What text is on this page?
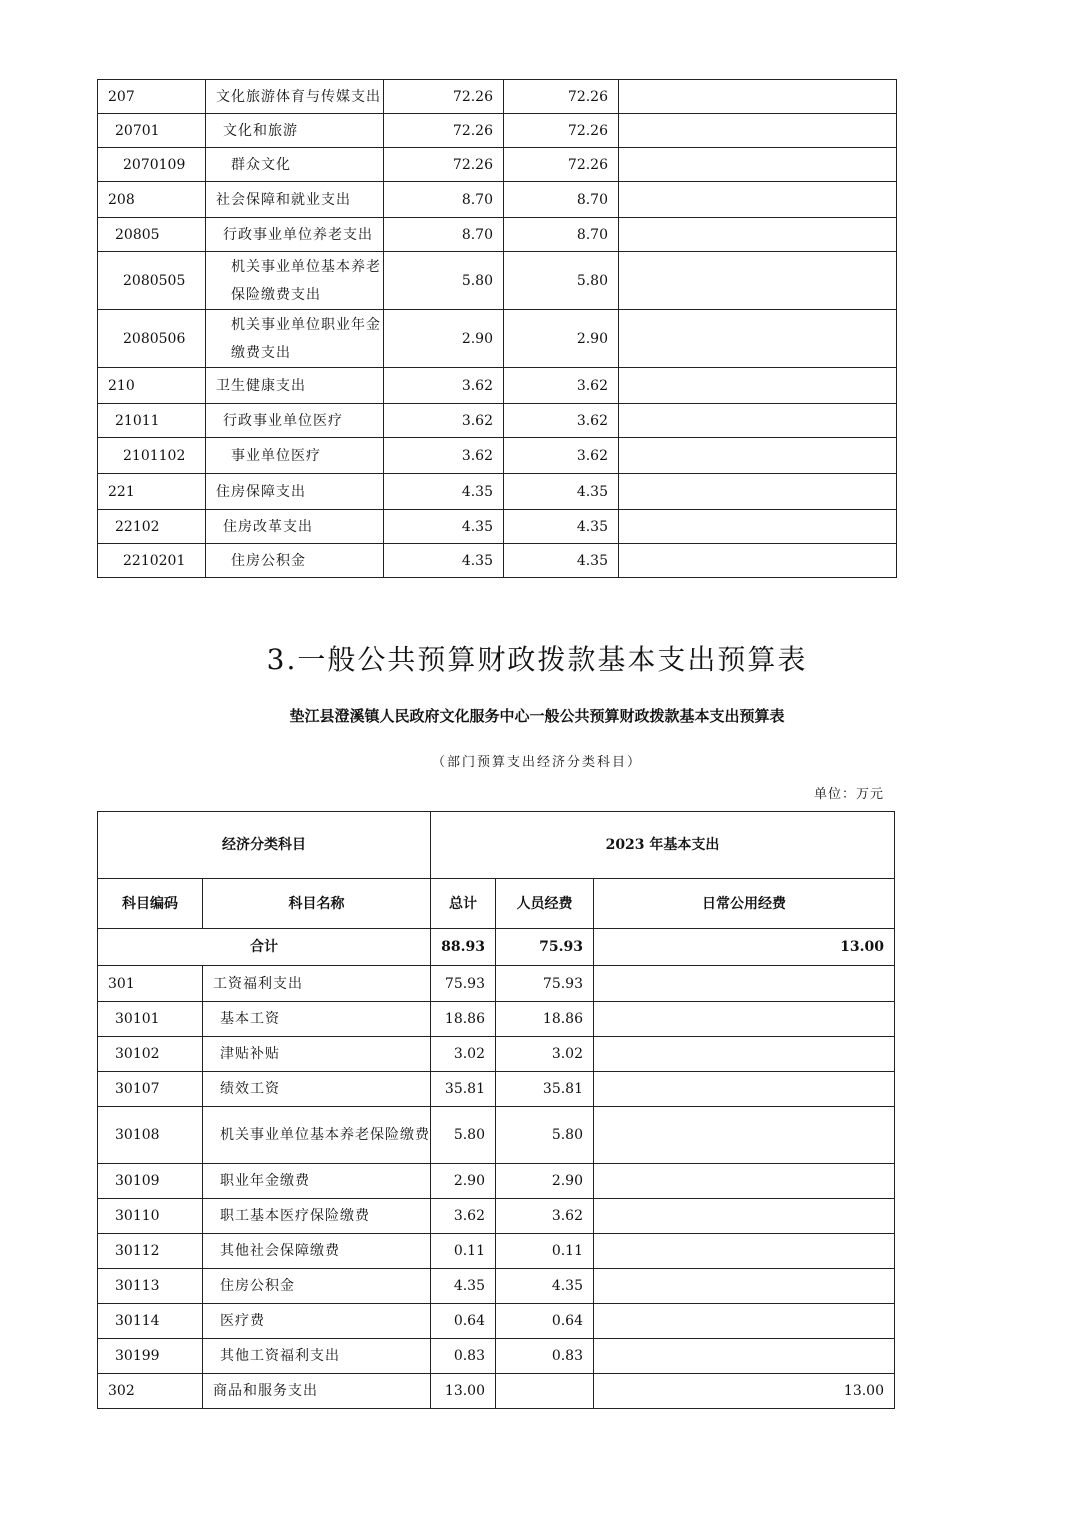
207	文化旅游体育与传媒支出	72.26	72.26	
20701	文化和旅游	72.26	72.26	
2070109	群众文化	72.26	72.26	
208	社会保障和就业支出	8.70	8.70	
20805	行政事业单位养老支出	8.70	8.70	
2080505	机关事业单位基本养老保险缴费支出	5.80	5.80	
2080506	机关事业单位职业年金缴费支出	2.90	2.90	
210	卫生健康支出	3.62	3.62	
21011	行政事业单位医疗	3.62	3.62	
2101102	事业单位医疗	3.62	3.62	
221	住房保障支出	4.35	4.35	
22102	住房改革支出	4.35	4.35	
2210201	住房公积金	4.35	4.35	
3.一般公共预算财政拨款基本支出预算表
垫江县澄溪镇人民政府文化服务中心一般公共预算财政拨款基本支出预算表
（部门预算支出经济分类科目）
单位：万元
经济分类科目		2023 年基本支出		
科目编码	科目名称	总计	人员经费	日常公用经费
合计		88.93	75.93	13.00
301	工资福利支出	75.93	75.93	
30101	基本工资	18.86	18.86	
30102	津贴补贴	3.02	3.02	
30107	绩效工资	35.81	35.81	
30108	机关事业单位基本养老保险缴费	5.80	5.80	
30109	职业年金缴费	2.90	2.90	
30110	职工基本医疗保险缴费	3.62	3.62	
30112	其他社会保障缴费	0.11	0.11	
30113	住房公积金	4.35	4.35	
30114	医疗费	0.64	0.64	
30199	其他工资福利支出	0.83	0.83	
302	商品和服务支出	13.00		13.00
